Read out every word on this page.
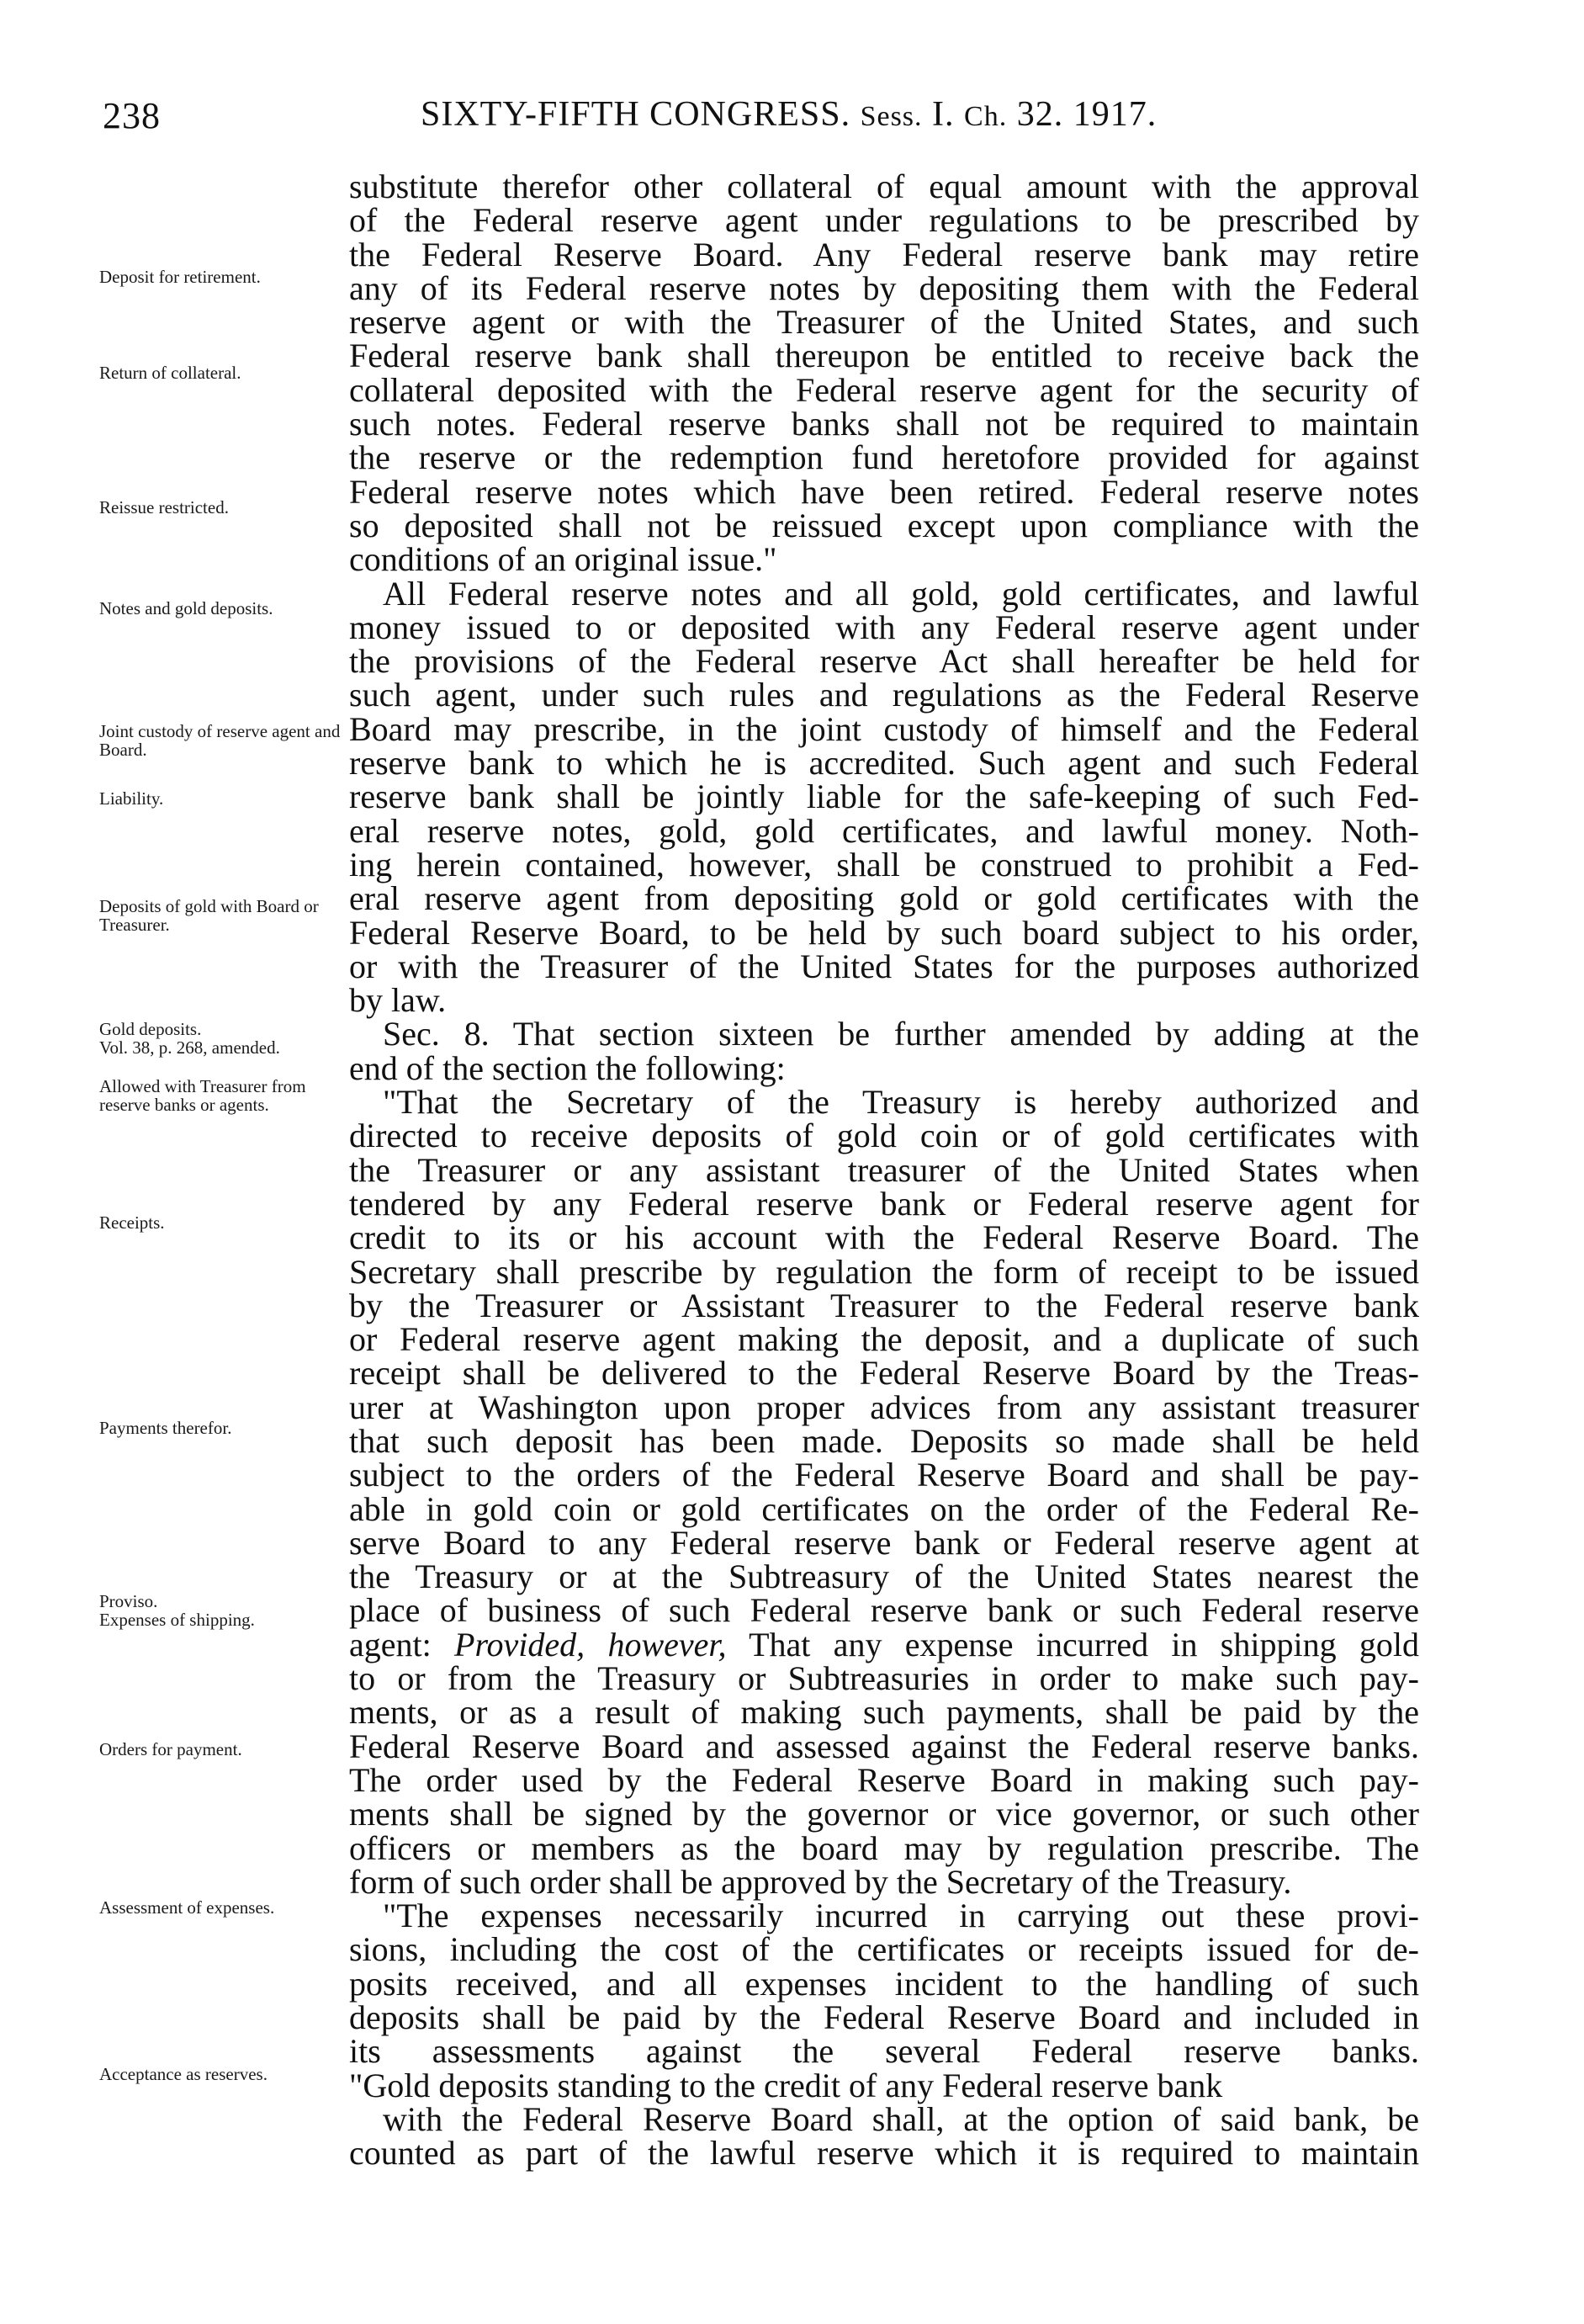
238	SIXTY-FIFTH CONGRESS. Sess. I. Ch. 32. 1917.
Deposit for retirement.
Return of collateral.
Reissue restricted.
Notes and gold deposits.
Joint custody of reserve agent and Board.
Liability.
Deposits of gold with Board or Treasurer.
Gold deposits.
Vol. 38, p. 268, amended.
Allowed with Treasurer from reserve banks or agents.
Receipts.
Payments therefor.
Proviso.
Expenses of shipping.
Orders for payment.
Assessment of expenses.
Acceptance as reserves.
substitute therefor other collateral of equal amount with the approval
of the Federal reserve agent under regulations to be prescribed by
the Federal Reserve Board. Any Federal reserve bank may retire
any of its Federal reserve notes by depositing them with the Federal
reserve agent or with the Treasurer of the United States, and such
Federal reserve bank shall thereupon be entitled to receive back the
collateral deposited with the Federal reserve agent for the security of
such notes. Federal reserve banks shall not be required to maintain
the reserve or the redemption fund heretofore provided for against
Federal reserve notes which have been retired. Federal reserve notes
so deposited shall not be reissued except upon compliance with the
conditions of an original issue."
All Federal reserve notes and all gold, gold certificates, and lawful
money issued to or deposited with any Federal reserve agent under
the provisions of the Federal reserve Act shall hereafter be held for
such agent, under such rules and regulations as the Federal Reserve
Board may prescribe, in the joint custody of himself and the Federal
reserve bank to which he is accredited. Such agent and such Federal
reserve bank shall be jointly liable for the safe-keeping of such Fed-
eral reserve notes, gold, gold certificates, and lawful money. Noth-
ing herein contained, however, shall be construed to prohibit a Fed-
eral reserve agent from depositing gold or gold certificates with the
Federal Reserve Board, to be held by such board subject to his order,
or with the Treasurer of the United States for the purposes authorized
by law.
Sec. 8. That section sixteen be further amended by adding at the
end of the section the following:
"That the Secretary of the Treasury is hereby authorized and
directed to receive deposits of gold coin or of gold certificates with
the Treasurer or any assistant treasurer of the United States when
tendered by any Federal reserve bank or Federal reserve agent for
credit to its or his account with the Federal Reserve Board. The
Secretary shall prescribe by regulation the form of receipt to be issued
by the Treasurer or Assistant Treasurer to the Federal reserve bank
or Federal reserve agent making the deposit, and a duplicate of such
receipt shall be delivered to the Federal Reserve Board by the Treas-
urer at Washington upon proper advices from any assistant treasurer
that such deposit has been made. Deposits so made shall be held
subject to the orders of the Federal Reserve Board and shall be pay-
able in gold coin or gold certificates on the order of the Federal Re-
serve Board to any Federal reserve bank or Federal reserve agent at
the Treasury or at the Subtreasury of the United States nearest the
place of business of such Federal reserve bank or such Federal reserve
agent: Provided, however, That any expense incurred in shipping gold
to or from the Treasury or Subtreasuries in order to make such pay-
ments, or as a result of making such payments, shall be paid by the
Federal Reserve Board and assessed against the Federal reserve banks.
The order used by the Federal Reserve Board in making such pay-
ments shall be signed by the governor or vice governor, or such other
officers or members as the board may by regulation prescribe. The
form of such order shall be approved by the Secretary of the Treasury.
"The expenses necessarily incurred in carrying out these provi-
sions, including the cost of the certificates or receipts issued for de-
posits received, and all expenses incident to the handling of such
deposits shall be paid by the Federal Reserve Board and included in
its assessments against the several Federal reserve banks.
"Gold deposits standing to the credit of any Federal reserve bank
with the Federal Reserve Board shall, at the option of said bank, be
counted as part of the lawful reserve which it is required to maintain
